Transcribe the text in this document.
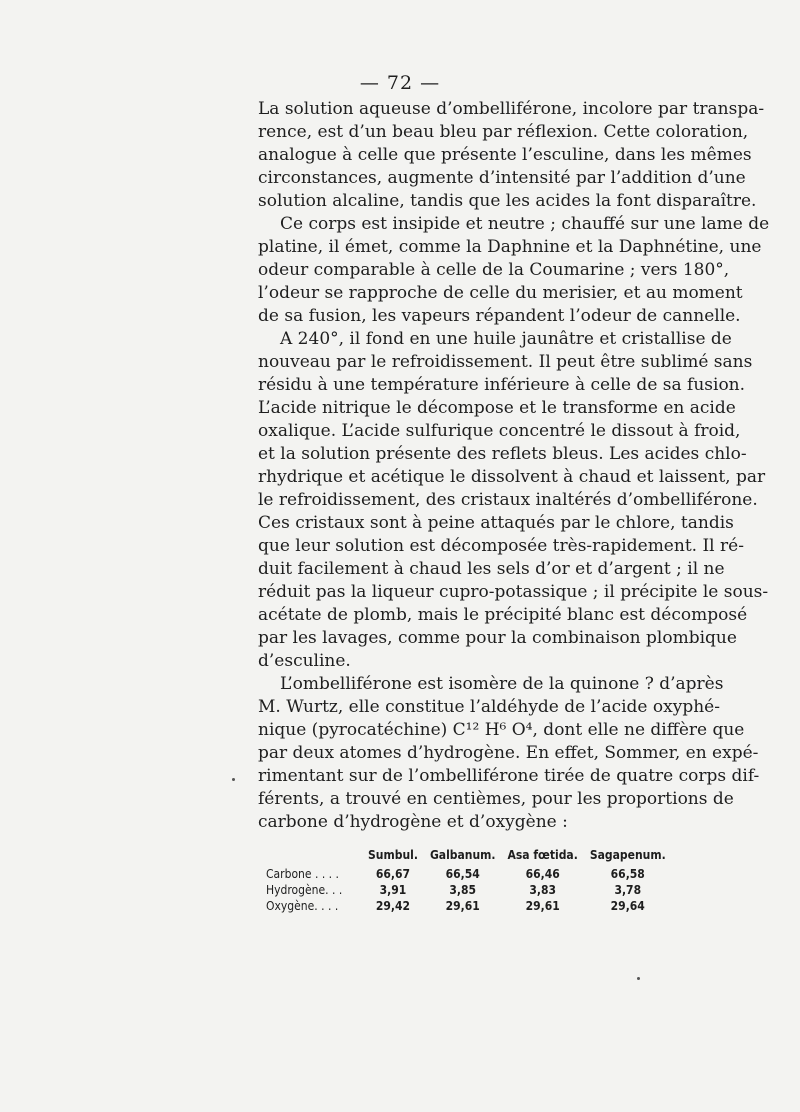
— 72 —
La solution aqueuse d’ombelliférone, incolore par transpa-
rence, est d’un beau bleu par réflexion. Cette coloration,
analogue à celle que présente l’esculine, dans les mêmes
circonstances, augmente d’intensité par l’addition d’une
solution alcaline, tandis que les acides la font disparaître.
Ce corps est insipide et neutre ; chauffé sur une lame de
platine, il émet, comme la Daphnine et la Daphnétine, une
odeur comparable à celle de la Coumarine ; vers 180°,
l’odeur se rapproche de celle du merisier, et au moment
de sa fusion, les vapeurs répandent l’odeur de cannelle.
A 240°, il fond en une huile jaunâtre et cristallise de
nouveau par le refroidissement. Il peut être sublimé sans
résidu à une température inférieure à celle de sa fusion.
L’acide nitrique le décompose et le transforme en acide
oxalique. L’acide sulfurique concentré le dissout à froid,
et la solution présente des reflets bleus. Les acides chlo-
rhydrique et acétique le dissolvent à chaud et laissent, par
le refroidissement, des cristaux inaltérés d’ombelliférone.
Ces cristaux sont à peine attaqués par le chlore, tandis
que leur solution est décomposée très-rapidement. Il ré-
duit facilement à chaud les sels d’or et d’argent ; il ne
réduit pas la liqueur cupro-potassique ; il précipite le sous-
acétate de plomb, mais le précipité blanc est décomposé
par les lavages, comme pour la combinaison plombique
d’esculine.
L’ombelliférone est isomère de la quinone ? d’après
M. Wurtz, elle constitue l’aldéhyde de l’acide oxyphé-
nique (pyrocatéchine) C¹² H⁶ O⁴, dont elle ne diffère que
par deux atomes d’hydrogène. En effet, Sommer, en expé-
rimentant sur de l’ombelliférone tirée de quatre corps dif-
férents, a trouvé en centièmes, pour les proportions de
carbone d’hydrogène et d’oxygène :
	Sumbul.	Galbanum.	Asa fœtida.	Sagapenum.
Carbone . . . .	66,67	66,54	66,46	66,58
Hydrogène. . .	3,91	3,85	3,83	3,78
Oxygène. . . .	29,42	29,61	29,61	29,64
